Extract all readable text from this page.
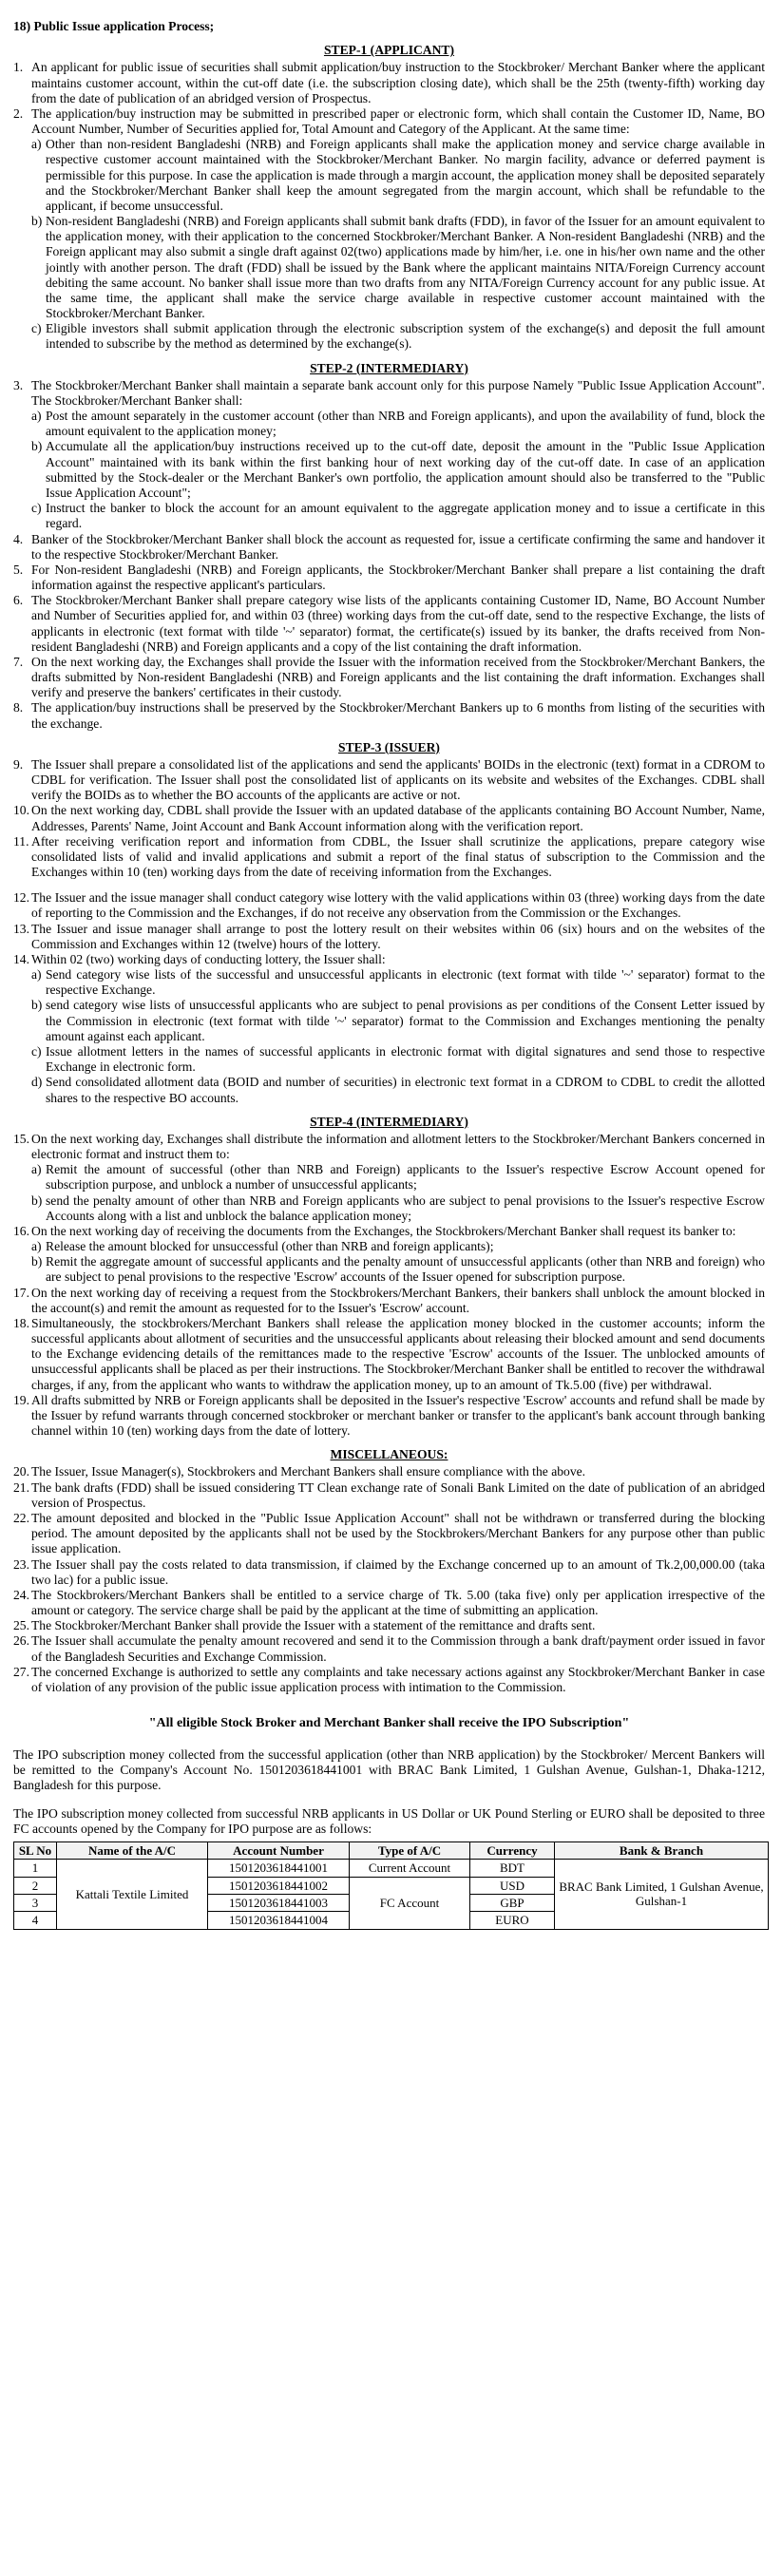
18) Public Issue application Process;
STEP-1 (APPLICANT)
1. An applicant for public issue of securities shall submit application/buy instruction to the Stockbroker/ Merchant Banker where the applicant maintains customer account, within the cut-off date (i.e. the subscription closing date), which shall be the 25th (twenty-fifth) working day from the date of publication of an abridged version of Prospectus.
2. The application/buy instruction may be submitted in prescribed paper or electronic form, which shall contain the Customer ID, Name, BO Account Number, Number of Securities applied for, Total Amount and Category of the Applicant. At the same time:
a) Other than non-resident Bangladeshi (NRB) and Foreign applicants shall make the application money and service charge available in respective customer account maintained with the Stockbroker/Merchant Banker. No margin facility, advance or deferred payment is permissible for this purpose. In case the application is made through a margin account, the application money shall be deposited separately and the Stockbroker/Merchant Banker shall keep the amount segregated from the margin account, which shall be refundable to the applicant, if become unsuccessful.
b) Non-resident Bangladeshi (NRB) and Foreign applicants shall submit bank drafts (FDD), in favor of the Issuer for an amount equivalent to the application money, with their application to the concerned Stockbroker/Merchant Banker. A Non-resident Bangladeshi (NRB) and the Foreign applicant may also submit a single draft against 02(two) applications made by him/her, i.e. one in his/her own name and the other jointly with another person. The draft (FDD) shall be issued by the Bank where the applicant maintains NITA/Foreign Currency account debiting the same account. No banker shall issue more than two drafts from any NITA/Foreign Currency account for any public issue. At the same time, the applicant shall make the service charge available in respective customer account maintained with the Stockbroker/Merchant Banker.
c) Eligible investors shall submit application through the electronic subscription system of the exchange(s) and deposit the full amount intended to subscribe by the method as determined by the exchange(s).
STEP-2 (INTERMEDIARY)
3. The Stockbroker/Merchant Banker shall maintain a separate bank account only for this purpose Namely "Public Issue Application Account". The Stockbroker/Merchant Banker shall:
a) Post the amount separately in the customer account (other than NRB and Foreign applicants), and upon the availability of fund, block the amount equivalent to the application money;
b) Accumulate all the application/buy instructions received up to the cut-off date, deposit the amount in the "Public Issue Application Account" maintained with its bank within the first banking hour of next working day of the cut-off date. In case of an application submitted by the Stock-dealer or the Merchant Banker's own portfolio, the application amount should also be transferred to the "Public Issue Application Account";
c) Instruct the banker to block the account for an amount equivalent to the aggregate application money and to issue a certificate in this regard.
4. Banker of the Stockbroker/Merchant Banker shall block the account as requested for, issue a certificate confirming the same and handover it to the respective Stockbroker/Merchant Banker.
5. For Non-resident Bangladeshi (NRB) and Foreign applicants, the Stockbroker/Merchant Banker shall prepare a list containing the draft information against the respective applicant's particulars.
6. The Stockbroker/Merchant Banker shall prepare category wise lists of the applicants containing Customer ID, Name, BO Account Number and Number of Securities applied for, and within 03 (three) working days from the cut-off date, send to the respective Exchange, the lists of applicants in electronic (text format with tilde '~' separator) format, the certificate(s) issued by its banker, the drafts received from Non-resident Bangladeshi (NRB) and Foreign applicants and a copy of the list containing the draft information.
7. On the next working day, the Exchanges shall provide the Issuer with the information received from the Stockbroker/Merchant Bankers, the drafts submitted by Non-resident Bangladeshi (NRB) and Foreign applicants and the list containing the draft information. Exchanges shall verify and preserve the bankers' certificates in their custody.
8. The application/buy instructions shall be preserved by the Stockbroker/Merchant Bankers up to 6 months from listing of the securities with the exchange.
STEP-3 (ISSUER)
9. The Issuer shall prepare a consolidated list of the applications and send the applicants' BOIDs in the electronic (text) format in a CDROM to CDBL for verification. The Issuer shall post the consolidated list of applicants on its website and websites of the Exchanges. CDBL shall verify the BOIDs as to whether the BO accounts of the applicants are active or not.
10. On the next working day, CDBL shall provide the Issuer with an updated database of the applicants containing BO Account Number, Name, Addresses, Parents' Name, Joint Account and Bank Account information along with the verification report.
11. After receiving verification report and information from CDBL, the Issuer shall scrutinize the applications, prepare category wise consolidated lists of valid and invalid applications and submit a report of the final status of subscription to the Commission and the Exchanges within 10 (ten) working days from the date of receiving information from the Exchanges.
12. The Issuer and the issue manager shall conduct category wise lottery with the valid applications within 03 (three) working days from the date of reporting to the Commission and the Exchanges, if do not receive any observation from the Commission or the Exchanges.
13. The Issuer and issue manager shall arrange to post the lottery result on their websites within 06 (six) hours and on the websites of the Commission and Exchanges within 12 (twelve) hours of the lottery.
14. Within 02 (two) working days of conducting lottery, the Issuer shall:
a) Send category wise lists of the successful and unsuccessful applicants in electronic (text format with tilde '~' separator) format to the respective Exchange.
b) send category wise lists of unsuccessful applicants who are subject to penal provisions as per conditions of the Consent Letter issued by the Commission in electronic (text format with tilde '~' separator) format to the Commission and Exchanges mentioning the penalty amount against each applicant.
c) Issue allotment letters in the names of successful applicants in electronic format with digital signatures and send those to respective Exchange in electronic form.
d) Send consolidated allotment data (BOID and number of securities) in electronic text format in a CDROM to CDBL to credit the allotted shares to the respective BO accounts.
STEP-4 (INTERMEDIARY)
15. On the next working day, Exchanges shall distribute the information and allotment letters to the Stockbroker/Merchant Bankers concerned in electronic format and instruct them to:
a) Remit the amount of successful (other than NRB and Foreign) applicants to the Issuer's respective Escrow Account opened for subscription purpose, and unblock a number of unsuccessful applicants;
b) send the penalty amount of other than NRB and Foreign applicants who are subject to penal provisions to the Issuer's respective Escrow Accounts along with a list and unblock the balance application money;
16. On the next working day of receiving the documents from the Exchanges, the Stockbrokers/Merchant Banker shall request its banker to:
a) Release the amount blocked for unsuccessful (other than NRB and foreign applicants);
b) Remit the aggregate amount of successful applicants and the penalty amount of unsuccessful applicants (other than NRB and foreign) who are subject to penal provisions to the respective 'Escrow' accounts of the Issuer opened for subscription purpose.
17. On the next working day of receiving a request from the Stockbrokers/Merchant Bankers, their bankers shall unblock the amount blocked in the account(s) and remit the amount as requested for to the Issuer's 'Escrow' account.
18. Simultaneously, the stockbrokers/Merchant Bankers shall release the application money blocked in the customer accounts; inform the successful applicants about allotment of securities and the unsuccessful applicants about releasing their blocked amount and send documents to the Exchange evidencing details of the remittances made to the respective 'Escrow' accounts of the Issuer. The unblocked amounts of unsuccessful applicants shall be placed as per their instructions. The Stockbroker/Merchant Banker shall be entitled to recover the withdrawal charges, if any, from the applicant who wants to withdraw the application money, up to an amount of Tk.5.00 (five) per withdrawal.
19. All drafts submitted by NRB or Foreign applicants shall be deposited in the Issuer's respective 'Escrow' accounts and refund shall be made by the Issuer by refund warrants through concerned stockbroker or merchant banker or transfer to the applicant's bank account through banking channel within 10 (ten) working days from the date of lottery.
MISCELLANEOUS:
20. The Issuer, Issue Manager(s), Stockbrokers and Merchant Bankers shall ensure compliance with the above.
21. The bank drafts (FDD) shall be issued considering TT Clean exchange rate of Sonali Bank Limited on the date of publication of an abridged version of Prospectus.
22. The amount deposited and blocked in the "Public Issue Application Account" shall not be withdrawn or transferred during the blocking period. The amount deposited by the applicants shall not be used by the Stockbrokers/Merchant Bankers for any purpose other than public issue application.
23. The Issuer shall pay the costs related to data transmission, if claimed by the Exchange concerned up to an amount of Tk.2,00,000.00 (taka two lac) for a public issue.
24. The Stockbrokers/Merchant Bankers shall be entitled to a service charge of Tk. 5.00 (taka five) only per application irrespective of the amount or category. The service charge shall be paid by the applicant at the time of submitting an application.
25. The Stockbroker/Merchant Banker shall provide the Issuer with a statement of the remittance and drafts sent.
26. The Issuer shall accumulate the penalty amount recovered and send it to the Commission through a bank draft/payment order issued in favor of the Bangladesh Securities and Exchange Commission.
27. The concerned Exchange is authorized to settle any complaints and take necessary actions against any Stockbroker/Merchant Banker in case of violation of any provision of the public issue application process with intimation to the Commission.
"All eligible Stock Broker and Merchant Banker shall receive the IPO Subscription"
The IPO subscription money collected from the successful application (other than NRB application) by the Stockbroker/ Mercent Bankers will be remitted to the Company's Account No. 1501203618441001 with BRAC Bank Limited, 1 Gulshan Avenue, Gulshan-1, Dhaka-1212, Bangladesh for this purpose.
The IPO subscription money collected from successful NRB applicants in US Dollar or UK Pound Sterling or EURO shall be deposited to three FC accounts opened by the Company for IPO purpose are as follows:
SL No	Name of the A/C	Account Number	Type of A/C	Currency	Bank & Branch
1	Kattali Textile Limited	1501203618441001	Current Account	BDT	BRAC Bank Limited, 1 Gulshan Avenue, Gulshan-1
2		1501203618441002	FC Account	USD	
3		1501203618441003		GBP	
4		1501203618441004		EURO	
